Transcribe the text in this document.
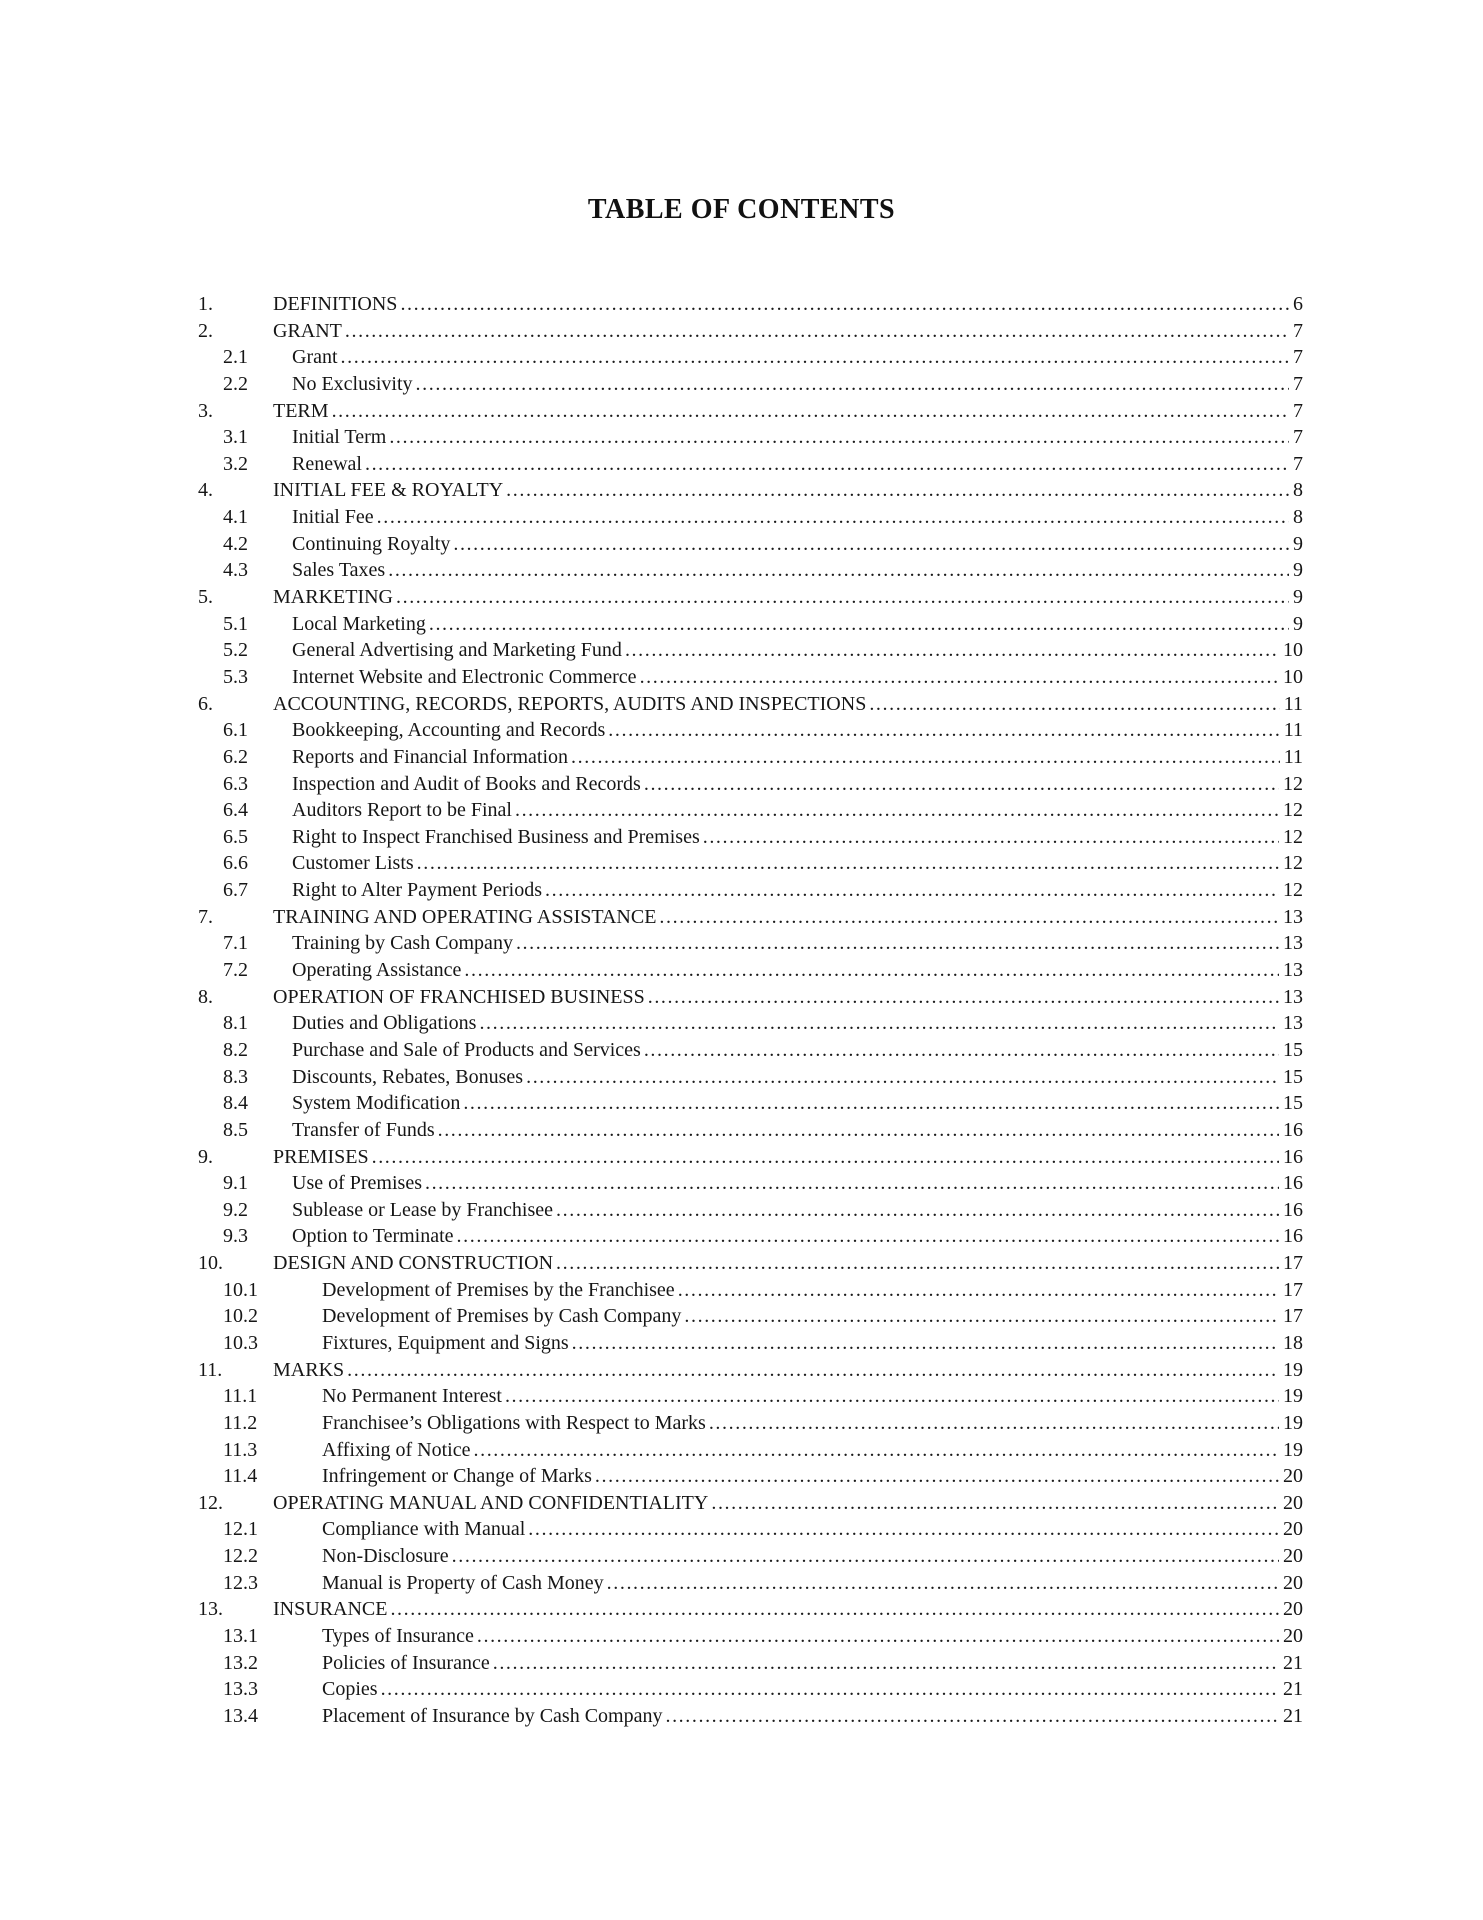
TABLE OF CONTENTS
1.	DEFINITIONS .....	6
2.	GRANT .....	7
2.1	Grant .....	7
2.2	No Exclusivity .....	7
3.	TERM .....	7
3.1	Initial Term .....	7
3.2	Renewal .....	7
4.	INITIAL FEE & ROYALTY .....	8
4.1	Initial Fee .....	8
4.2	Continuing Royalty .....	9
4.3	Sales Taxes .....	9
5.	MARKETING .....	9
5.1	Local Marketing .....	9
5.2	General Advertising and Marketing Fund .....	10
5.3	Internet Website and Electronic Commerce .....	10
6.	ACCOUNTING, RECORDS, REPORTS, AUDITS AND INSPECTIONS .....	11
6.1	Bookkeeping, Accounting and Records .....	11
6.2	Reports and Financial Information .....	11
6.3	Inspection and Audit of Books and Records .....	12
6.4	Auditors Report to be Final .....	12
6.5	Right to Inspect Franchised Business and Premises .....	12
6.6	Customer Lists .....	12
6.7	Right to Alter Payment Periods .....	12
7.	TRAINING AND OPERATING ASSISTANCE .....	13
7.1	Training by Cash Company .....	13
7.2	Operating Assistance .....	13
8.	OPERATION OF FRANCHISED BUSINESS .....	13
8.1	Duties and Obligations .....	13
8.2	Purchase and Sale of Products and Services .....	15
8.3	Discounts, Rebates, Bonuses .....	15
8.4	System Modification .....	15
8.5	Transfer of Funds .....	16
9.	PREMISES .....	16
9.1	Use of Premises .....	16
9.2	Sublease or Lease by Franchisee .....	16
9.3	Option to Terminate .....	16
10.	DESIGN AND CONSTRUCTION .....	17
10.1	Development of Premises by the Franchisee .....	17
10.2	Development of Premises by Cash Company .....	17
10.3	Fixtures, Equipment and Signs .....	18
11.	MARKS .....	19
11.1	No Permanent Interest .....	19
11.2	Franchisee’s Obligations with Respect to Marks .....	19
11.3	Affixing of Notice .....	19
11.4	Infringement or Change of Marks .....	20
12.	OPERATING MANUAL AND CONFIDENTIALITY .....	20
12.1	Compliance with Manual .....	20
12.2	Non-Disclosure .....	20
12.3	Manual is Property of Cash Money .....	20
13.	INSURANCE .....	20
13.1	Types of Insurance .....	20
13.2	Policies of Insurance .....	21
13.3	Copies .....	21
13.4	Placement of Insurance by Cash Company .....	21
